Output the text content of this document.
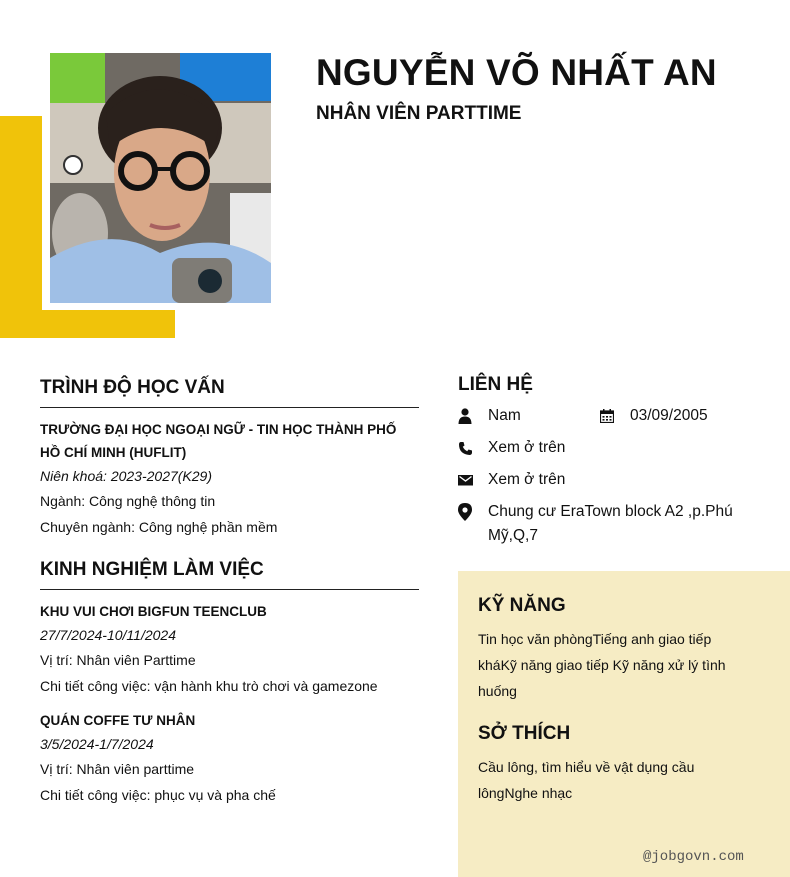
NGUYỄN VÕ NHẤT AN
NHÂN VIÊN PARTTIME
TRÌNH ĐỘ HỌC VẤN
TRƯỜNG ĐẠI HỌC NGOẠI NGỮ - TIN HỌC THÀNH PHỐ HỒ CHÍ MINH (HUFLIT)
Niên khoá: 2023-2027(K29)
Ngành: Công nghệ thông tin
Chuyên ngành: Công nghệ phần mềm
KINH NGHIỆM LÀM VIỆC
KHU VUI CHƠI BIGFUN TEENCLUB
27/7/2024-10/11/2024
Vị trí: Nhân viên Parttime
Chi tiết công việc: vận hành khu trò chơi và gamezone
QUÁN COFFE TƯ NHÂN
3/5/2024-1/7/2024
Vị trí: Nhân viên parttime
Chi tiết công việc: phục vụ và pha chế
LIÊN HỆ
Nam	03/09/2005
Xem ở trên
Xem ở trên
Chung cư EraTown block A2 ,p.Phú Mỹ,Q,7
KỸ NĂNG
Tin học văn phòngTiếng anh giao tiếp kháKỹ năng giao tiếp Kỹ năng xử lý tình huống
SỞ THÍCH
Cầu lông, tìm hiểu về vật dụng cầu lôngNghe nhạc
@jobgovn.com
